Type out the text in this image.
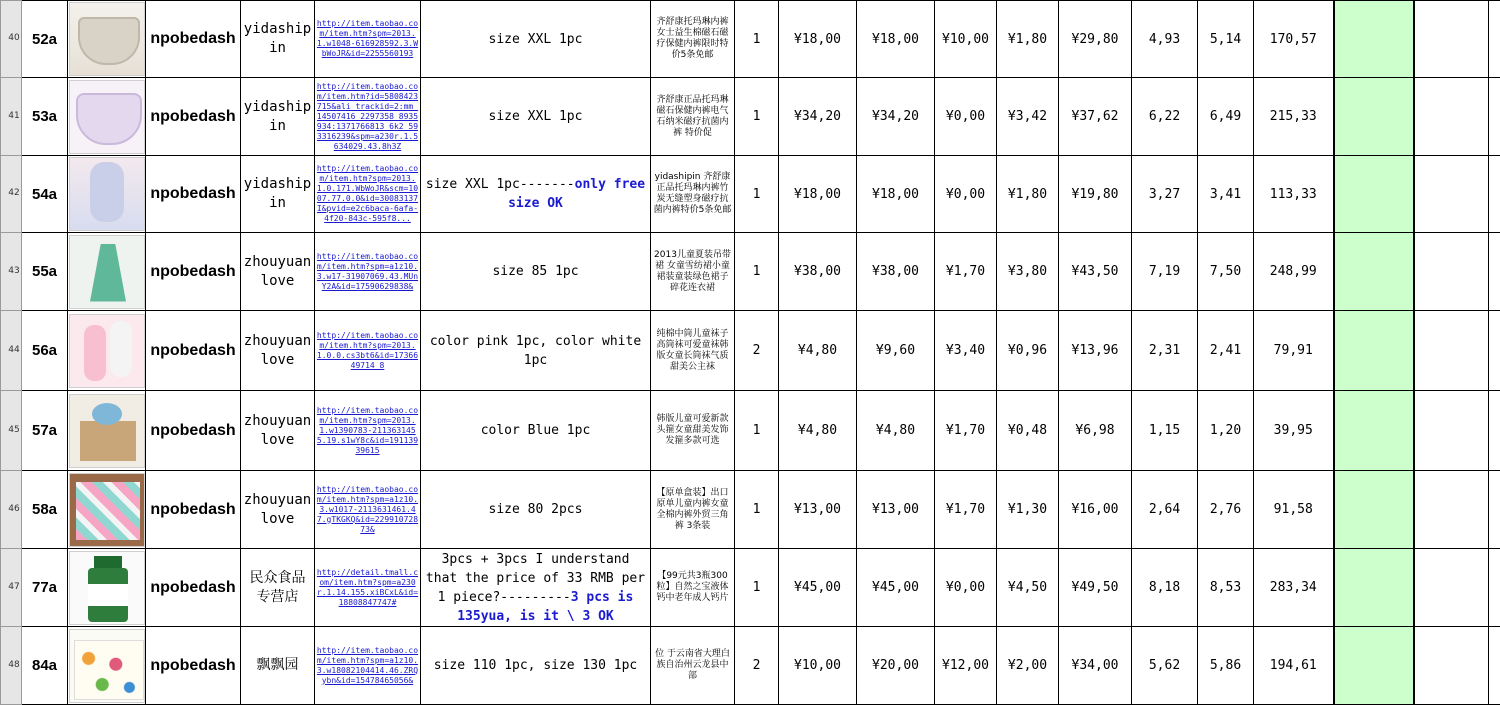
40	52a		npobedash	yidashipin	http://item.taobao.com/item.htm?spm=2013.1.w1048-616928592.3.WbWoJR&id=2255560193	size XXL 1pc	齐舒康托玛琳内裤女士益生棉磁石磁疗保健内裤限时特价5条免邮	1	¥18,00	¥18,00	¥10,00	¥1,80	¥29,80	4,93	5,14	170,57			
41	53a		npobedash	yidashipin	http://item.taobao.com/item.htm?id=5808423715&ali_trackid=2:mm_14507416_2297358_8935934:1371766813_6k2_593316239&spm=a230r.1.5634029.43.8h3Z	size XXL 1pc	齐舒康正品托玛琳磁石保健内裤电气石纳米磁疗抗菌内裤 特价促	1	¥34,20	¥34,20	¥0,00	¥3,42	¥37,62	6,22	6,49	215,33			
42	54a		npobedash	yidashipin	http://item.taobao.com/item.htm?spm=2013.1.0.171.WbWoJR&scm=1007.77.0.0&id=30083137I&pvid=e2c6baca-6afa-4f20-843c-595f8...	size XXL 1pc-------only free size OK	yidashipin 齐舒康正品托玛琳内裤竹炭无缝塑身磁疗抗菌内裤特价5条免邮	1	¥18,00	¥18,00	¥0,00	¥1,80	¥19,80	3,27	3,41	113,33			
43	55a		npobedash	zhouyuanlove	http://item.taobao.com/item.htm?spm=a1z10.3.w17-31907069.43.MUnY2A&id=17590629838&	size 85 1pc	2013儿童夏装吊带裙 女童雪纺裙小童裙装童装绿色裙子碎花连衣裙	1	¥38,00	¥38,00	¥1,70	¥3,80	¥43,50	7,19	7,50	248,99			
44	56a		npobedash	zhouyuanlove	http://item.taobao.com/item.htm?spm=2013.1.0.0.cs3bt6&id=1736649714 8	color pink 1pc, color white 1pc	纯棉中筒儿童袜子高筒袜可爱童袜韩版女童长筒袜气质甜美公主袜	2	¥4,80	¥9,60	¥3,40	¥0,96	¥13,96	2,31	2,41	79,91			
45	57a		npobedash	zhouyuanlove	http://item.taobao.com/item.htm?spm=2013.1.w1390783-2113631455.19.s1wY8c&id=19113939615	color Blue 1pc	韩版儿童可爱新款头箍女童甜美发饰发箍多款可选	1	¥4,80	¥4,80	¥1,70	¥0,48	¥6,98	1,15	1,20	39,95			
46	58a		npobedash	zhouyuanlove	http://item.taobao.com/item.htm?spm=a1z10.3.w1017-2113631461.47.gTKGKQ&id=22991072873&	size 80 2pcs	【原单盒装】出口原单儿童内裤女童全棉内裤外贸三角裤 3条装	1	¥13,00	¥13,00	¥1,70	¥1,30	¥16,00	2,64	2,76	91,58			
47	77a		npobedash	民众食品专营店	http://detail.tmall.com/item.htm?spm=a230r.1.14.155.xiBCxL&id=18808847747#	3pcs + 3pcs I understand that the price of 33 RMB per 1 piece?---------3 pcs is 135yua, is it \ 3 OK	【99元共3瓶300粒】自然之宝液体钙中老年成人钙片	1	¥45,00	¥45,00	¥0,00	¥4,50	¥49,50	8,18	8,53	283,34			
48	84a		npobedash	飘飘园	http://item.taobao.com/item.htm?spm=a1z10.3.w18082104414.46.ZRQybn&id=15478465056&	size 110 1pc, size 130 1pc	位 于云南省大理白族自治州云龙县中部	2	¥10,00	¥20,00	¥12,00	¥2,00	¥34,00	5,62	5,86	194,61			
